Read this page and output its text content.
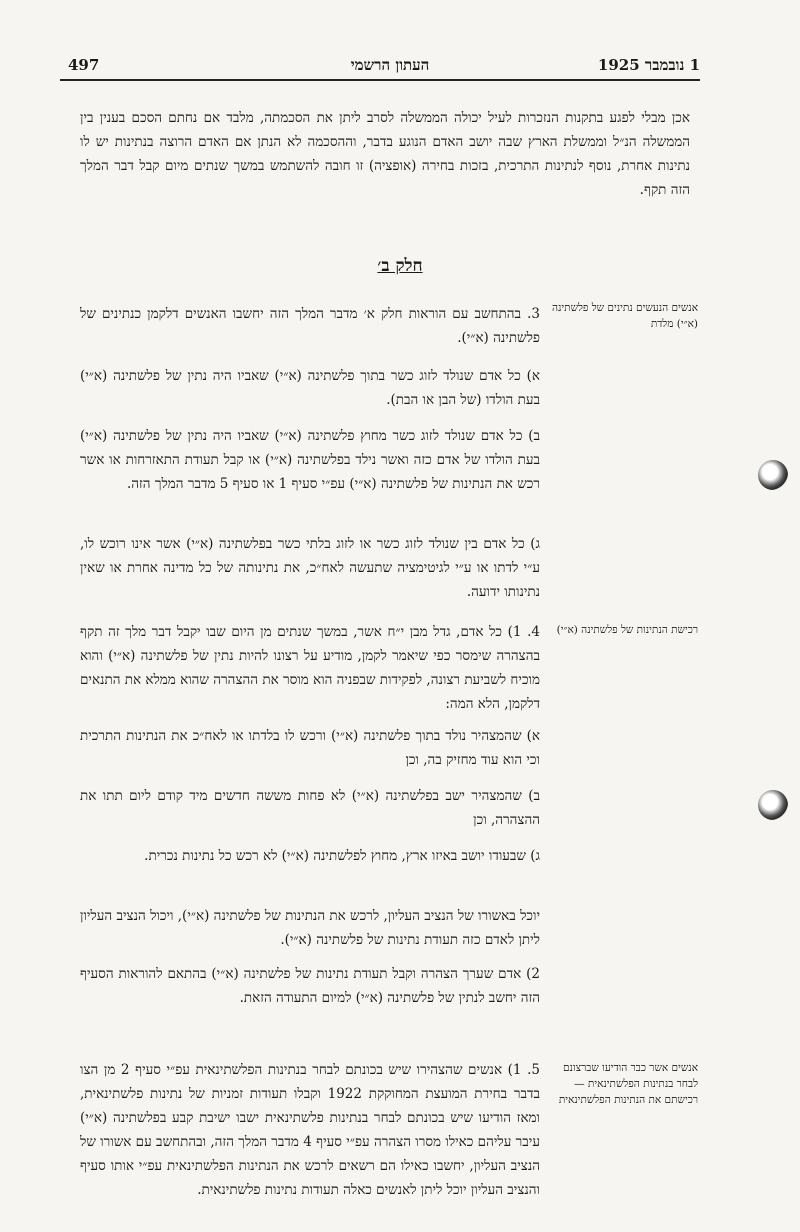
497	העתון הרשמי	1 נובמבר 1925

אכן מבלי לפגע בתקנות הנזכרות לעיל יכולה הממשלה לסרב ליתן את הסכמתה, מלבד אם נחתם הסכם בענין בין הממשלה הנ״ל וממשלת הארץ שבה יושב האדם הנוגע בדבר, וההסכמה לא הנתן אם האדם הרוצה בנתינות יש לו נתינות אחרת, נוסף לנתינות התרכית, בזכות בחירה (אופציה) זו חובה להשתמש במשך שנתים מיום קבל דבר המלך הזה תקף.

חלק ב׳
אנשים הנעשים נתינים של פלשתינה (א״י) מלדת
3. בהתחשב עם הוראות חלק א׳ מדבר המלך הזה יחשבו האנשים דלקמן כנתינים של פלשתינה (א״י).
א) כל אדם שנולד לזוג כשר בתוך פלשתינה (א״י) שאביו היה נתין של פלשתינה (א״י) בעת הולדו (של הבן או הבת).
ב) כל אדם שנולד לזוג כשר מחוץ פלשתינה (א״י) שאביו היה נתין של פלשתינה (א״י) בעת הולדו של אדם כזה ואשר נילד בפלשתינה (א״י) או קבל תעודת התאזרחות או אשר רכש את הנתינות של פלשתינה (א״י) עפ״י סעיף 1 או סעיף 5 מדבר המלך הזה.
ג) כל אדם בין שנולד לזוג כשר או לזוג בלתי כשר בפלשתינה (א״י) אשר אינו רוכש לו, ע״י לדתו או ע״י לגיטימציה שתעשה לאח״כ, את נתינותה של כל מדינה אחרת או שאין נתינותו ידועה.
רכישת הנתינות של פלשתינה (א״י)
4. 1) כל אדם, גדל מבן י״ח אשר, במשך שנתים מן היום שבו יקבל דבר מלך זה תקף בהצהרה שימסר כפי שיאמר לקמן, מודיע על רצונו להיות נתין של פלשתינה (א״י) והוא מוכיח לשביעת רצונה, לפקידות שבפניה הוא מוסר את ההצהרה שהוא ממלא את התנאים דלקמן, הלא המה:
א) שהמצהיר נולד בתוך פלשתינה (א״י) ורכש לו בלדתו או לאח״כ את הנתינות התרכית וכי הוא עוד מחזיק בה, וכן
ב) שהמצהיר ישב בפלשתינה (א״י) לא פחות מששה חדשים מיד קודם ליום תתו את ההצהרה, וכן
ג) שבעודו יושב באיזו ארץ, מחוץ לפלשתינה (א״י) לא רכש כל נתינות נכרית.
יוכל באשורו של הנציב העליון, לרכש את הנתינות של פלשתינה (א״י), ויכול הנציב העליון ליתן לאדם כזה תעודת נתינות של פלשתינה (א״י).
2) אדם שערך הצהרה וקבל תעודת נתינות של פלשתינה (א״י) בהתאם להוראות הסעיף הזה יחשב לנתין של פלשתינה (א״י) למיום התעודה הזאת.
אנשים אשר כבר הודיעו שברצונם לבחר בנתינות הפלשתינאית — רכישתם את הנתינות הפלשתינאית
5. 1) אנשים שהצהירו שיש בכונתם לבחר בנתינות הפלשתינאית עפ״י סעיף 2 מן הצו בדבר בחירת המועצת המחוקקת 1922 וקבלו תעודות זמניות של נתינות פלשתינאית, ומאז הודיעו שיש בכונתם לבחר בנתינות פלשתינאית ישבו ישיבת קבע בפלשתינה (א״י) עיבר עליהם כאילו מסרו הצהרה עפ״י סעיף 4 מדבר המלך הזה, ובהתחשב עם אשורו של הנציב העליון, יחשבו כאילו הם רשאים לרכש את הנתינות הפלשתינאית עפ״י אותו סעיף והנציב העליון יוכל ליתן לאנשים כאלה תעודות נתינות פלשתינאית.
